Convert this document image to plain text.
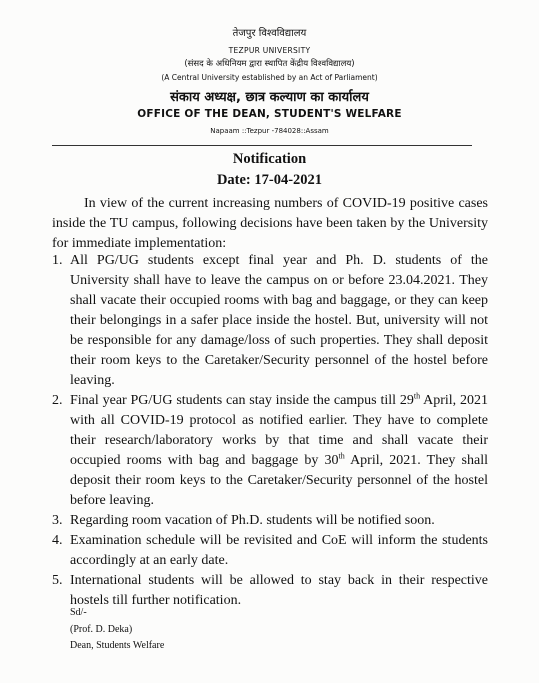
तेजपुर विश्वविद्यालय
TEZPUR UNIVERSITY
(संसद के अधिनियम द्वारा स्थापित केंद्रीय विश्वविद्यालय)
(A Central University established by an Act of Parliament)
संकाय अध्यक्ष, छात्र कल्याण का कार्यालय
OFFICE OF THE DEAN, STUDENT'S WELFARE
Napaam ::Tezpur -784028::Assam
Notification
Date: 17-04-2021

In view of the current increasing numbers of COVID-19 positive cases inside the TU campus, following decisions have been taken by the University for immediate implementation:

1. All PG/UG students except final year and Ph. D. students of the University shall have to leave the campus on or before 23.04.2021. They shall vacate their occupied rooms with bag and baggage, or they can keep their belongings in a safer place inside the hostel. But, university will not be responsible for any damage/loss of such properties. They shall deposit their room keys to the Caretaker/Security personnel of the hostel before leaving.
2. Final year PG/UG students can stay inside the campus till 29th April, 2021 with all COVID-19 protocol as notified earlier. They have to complete their research/laboratory works by that time and shall vacate their occupied rooms with bag and baggage by 30th April, 2021. They shall deposit their room keys to the Caretaker/Security personnel of the hostel before leaving.
3. Regarding room vacation of Ph.D. students will be notified soon.
4. Examination schedule will be revisited and CoE will inform the students accordingly at an early date.
5. International students will be allowed to stay back in their respective hostels till further notification.
Sd/-
(Prof. D. Deka)
Dean, Students Welfare
